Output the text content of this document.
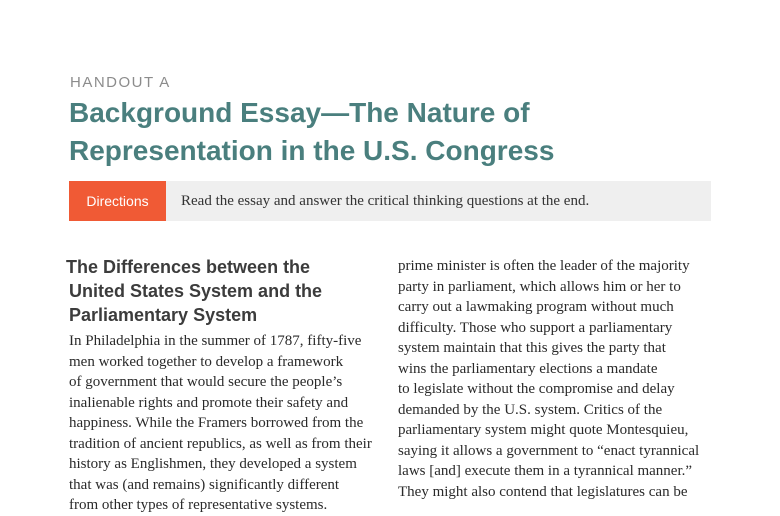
HANDOUT A
Background Essay—The Nature of
Representation in the U.S. Congress
Directions	Read the essay and answer the critical thinking questions at the end.
The Differences between the
United States System and the
Parliamentary System
In Philadelphia in the summer of 1787, fifty-five
men worked together to develop a framework
of government that would secure the people’s
inalienable rights and promote their safety and
happiness. While the Framers borrowed from the
tradition of ancient republics, as well as from their
history as Englishmen, they developed a system
that was (and remains) significantly different
from other types of representative systems.
prime minister is often the leader of the majority
party in parliament, which allows him or her to
carry out a lawmaking program without much
difficulty. Those who support a parliamentary
system maintain that this gives the party that
wins the parliamentary elections a mandate
to legislate without the compromise and delay
demanded by the U.S. system. Critics of the
parliamentary system might quote Montesquieu,
saying it allows a government to “enact tyrannical
laws [and] execute them in a tyrannical manner.”
They might also contend that legislatures can be
